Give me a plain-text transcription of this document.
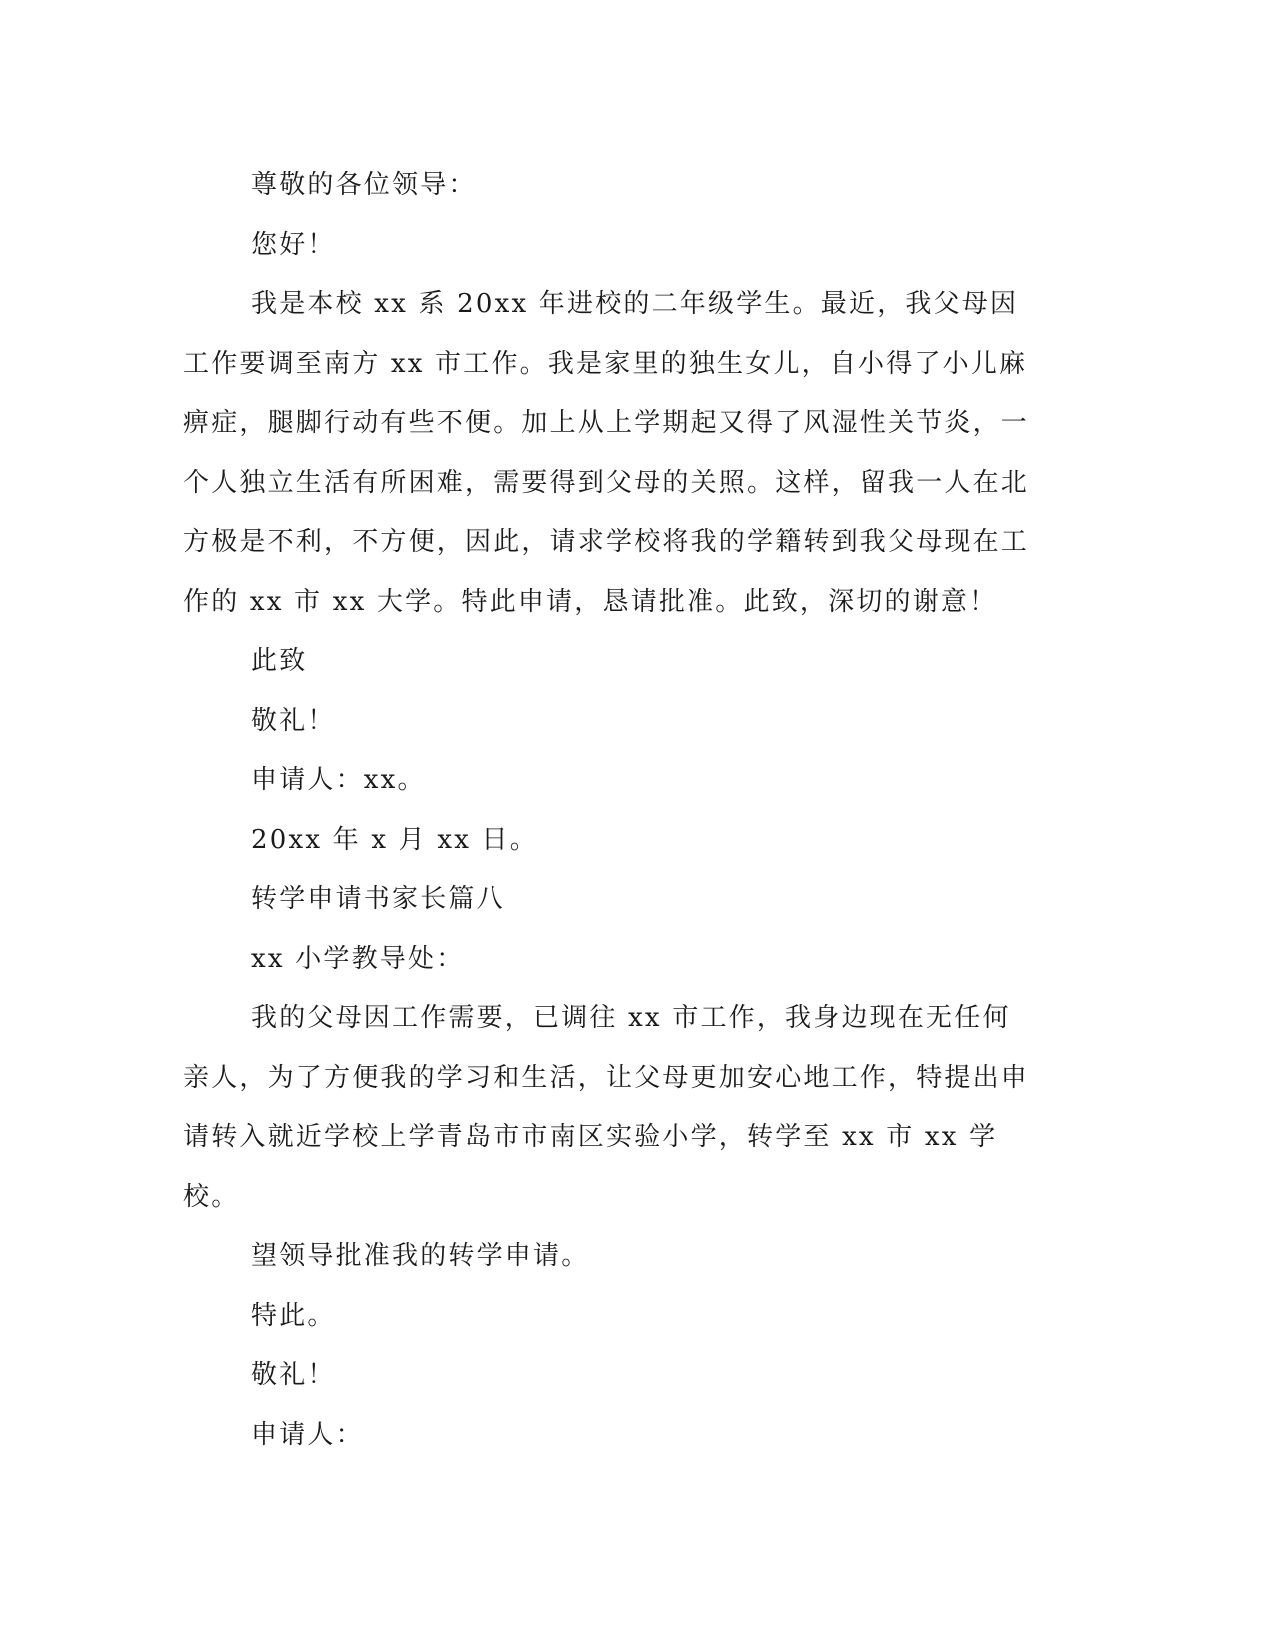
尊敬的各位领导：

您好！

我是本校 xx 系 20xx 年进校的二年级学生。最近，我父母因工作要调至南方 xx 市工作。我是家里的独生女儿，自小得了小儿麻痹症，腿脚行动有些不便。加上从上学期起又得了风湿性关节炎，一个人独立生活有所困难，需要得到父母的关照。这样，留我一人在北方极是不利，不方便，因此，请求学校将我的学籍转到我父母现在工作的 xx 市 xx 大学。特此申请，恳请批准。此致，深切的谢意！

此致

敬礼！

申请人：xx。

20xx 年 x 月 xx 日。

转学申请书家长篇八

xx 小学教导处：

我的父母因工作需要，已调往 xx 市工作，我身边现在无任何亲人，为了方便我的学习和生活，让父母更加安心地工作，特提出申请转入就近学校上学青岛市市南区实验小学，转学至 xx 市 xx 学校。

望领导批准我的转学申请。

特此。

敬礼！

申请人：
